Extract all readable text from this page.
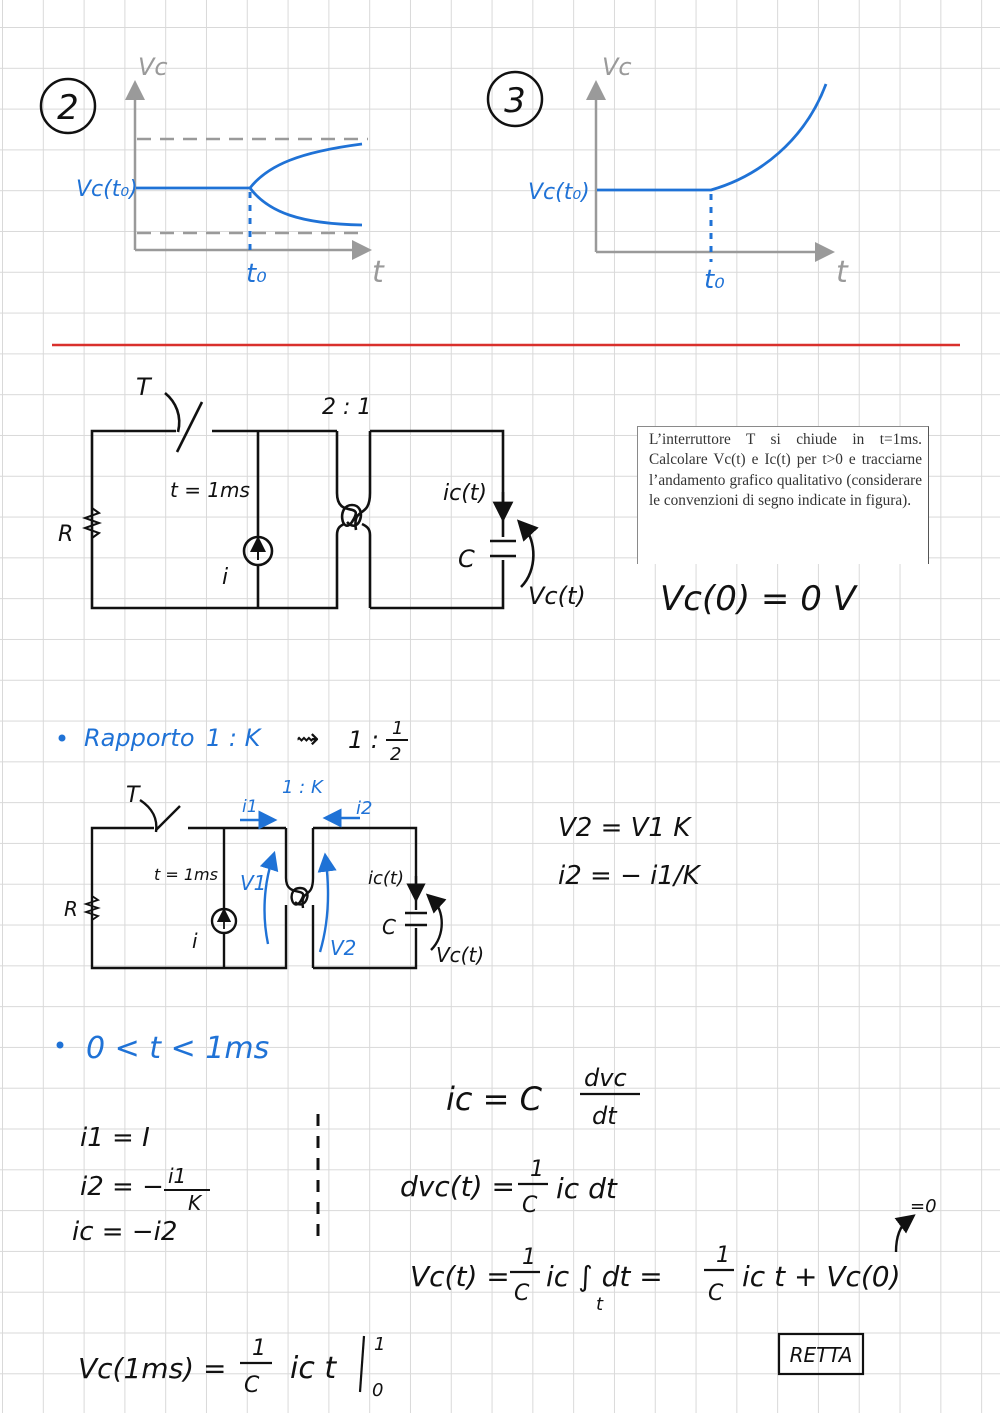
2
Vc
t
Vc(t₀)
t₀
3
Vc
t
Vc(t₀)
t₀
T
2 : 1
t = 1ms
R
i
ic(t)
C
Vc(t) Vc(0) = 0 V
Rapporto 1 : K ⇝ 1 : 1
2
T	1 : K
i1	i2
t = 1ms
R
i
V1
V2
ic(t)
C
Vc(t)
V2 = V1 K
i2 = − i1/K
0 < t < 1ms
i1 = I
i2 = − i1
K
ic = −i2
ic = C
dvc
dt
dvc(t) =
1
C
ic dt
Vc(t) =
1
C
ic ∫ dt =
t
1
C
ic t + Vc(0)
=0
Vc(1ms) =
1
C ic t
1
0
RETTA
L’interruttore T si chiude in t=1ms. Calcolare Vc(t) e Ic(t) per t>0 e tracciarne l’andamento grafico qualitativo (considerare le convenzioni di segno indicate in figura).
